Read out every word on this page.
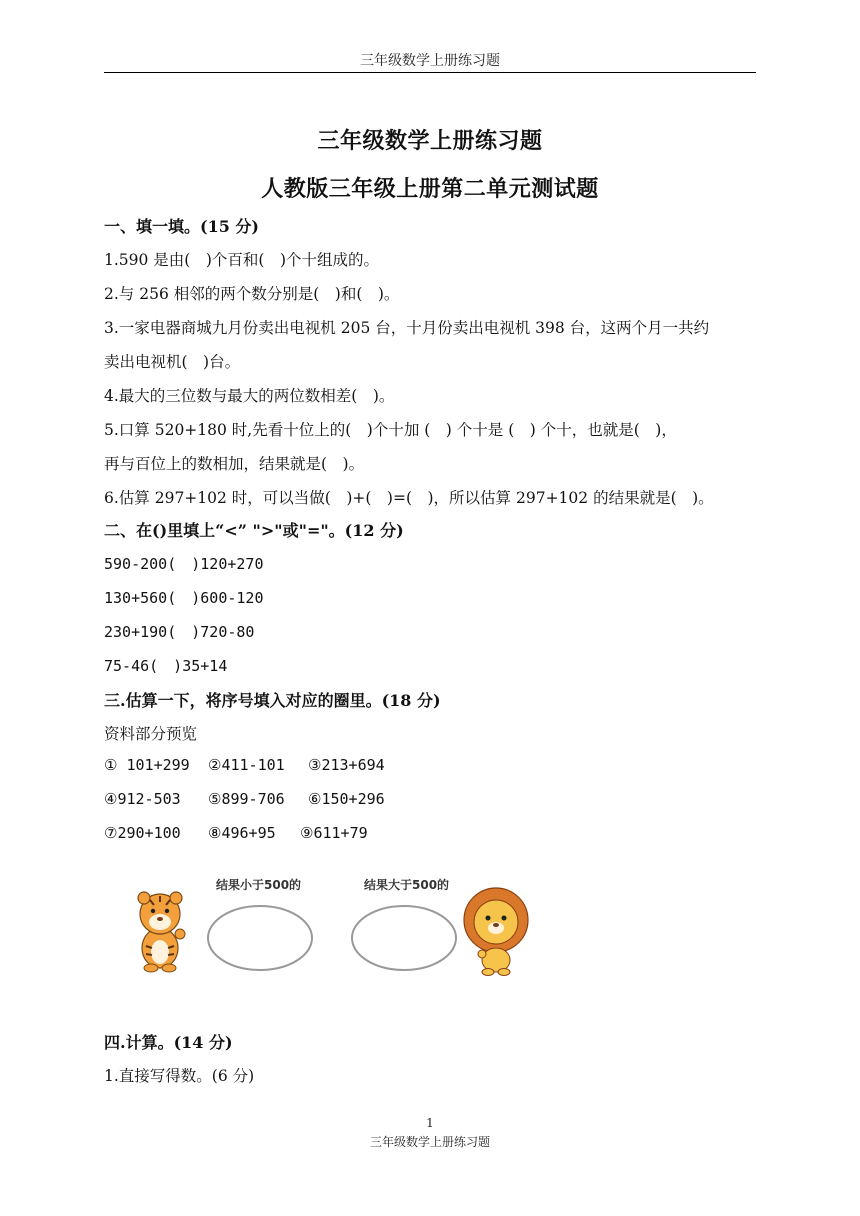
三年级数学上册练习题
三年级数学上册练习题
人教版三年级上册第二单元测试题
一、填一填。(15 分)
1.590 是由(　)个百和(　)个十组成的。
2.与 256 相邻的两个数分别是(　)和(　)。
3.一家电器商城九月份卖出电视机 205 台，十月份卖出电视机 398 台，这两个月一共约
卖出电视机(　)台。
4.最大的三位数与最大的两位数相差(　)。
5.口算 520+180 时,先看十位上的(　)个十加 (　) 个十是 (　) 个十，也就是(　)，
再与百位上的数相加，结果就是(　)。
6.估算 297+102 时，可以当做(　)+(　)=(　)，所以估算 297+102 的结果就是(　)。
二、在()里填上“<” ">"或"="。(12 分)
590-200(　)120+270
130+560(　)600-120
230+190(　)720-80
75-46(　)35+14
三.估算一下，将序号填入对应的圈里。(18 分)
资料部分预览
① 101+299 ②411-101 ③213+694
④912-503 ⑤899-706 ⑥150+296
⑦290+100 ⑧496+95 ⑨611+79
结果小于500的	结果大于500的
四.计算。(14 分)
1.直接写得数。(6 分)
1
三年级数学上册练习题
